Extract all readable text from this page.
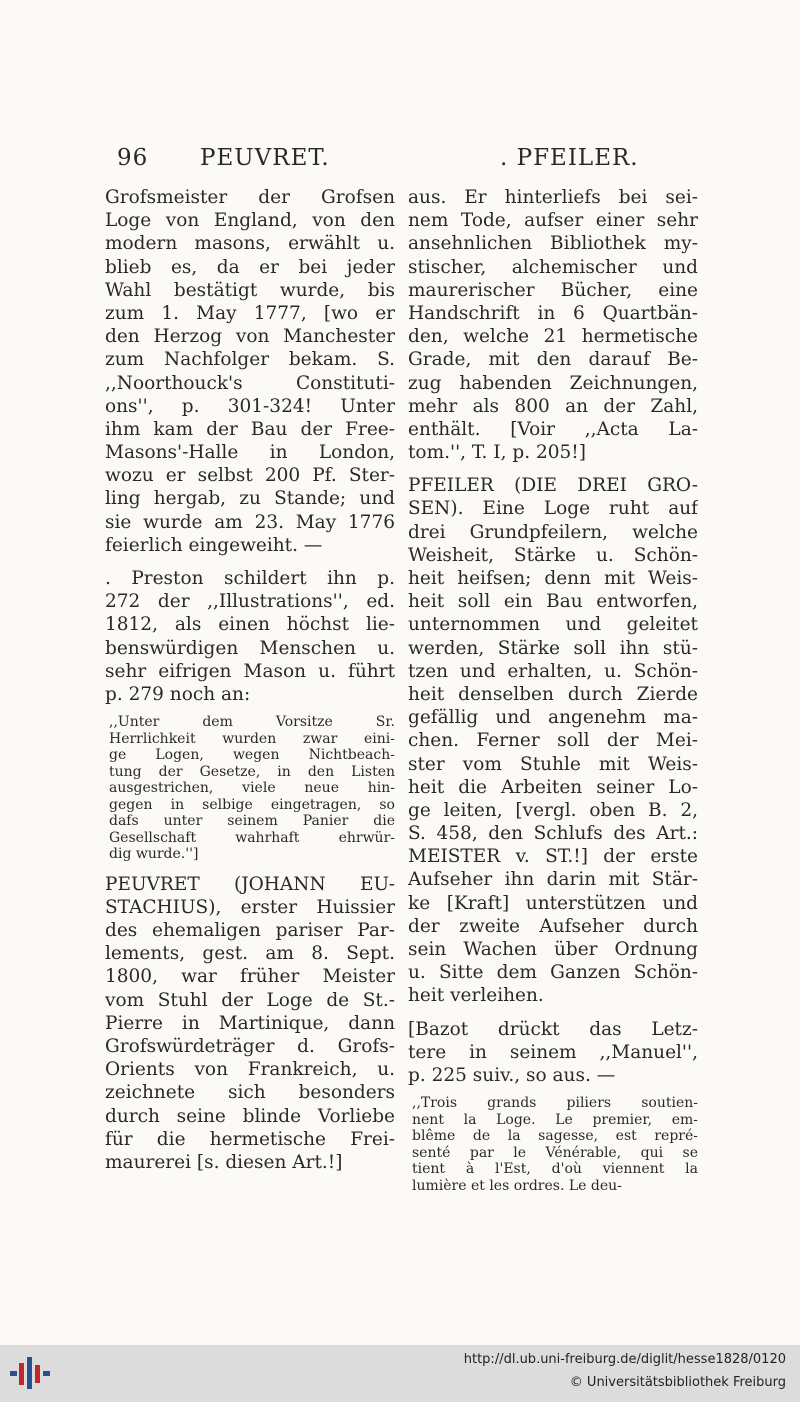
96 PEUVRET.	. PFEILER.
Grofsmeister der Grofsen
Loge von England, von den
modern masons, erwählt u.
blieb es, da er bei jeder
Wahl bestätigt wurde, bis
zum 1. May 1777, [wo er
den Herzog von Manchester
zum Nachfolger bekam. S.
,,Noorthouck's Constituti-
ons'', p. 301-324! Unter
ihm kam der Bau der Free-
Masons'-Halle in London,
wozu er selbst 200 Pf. Ster-
ling hergab, zu Stande; und
sie wurde am 23. May 1776
feierlich eingeweiht. —
. Preston schildert ihn p.
272 der ,,Illustrations'', ed.
1812, als einen höchst lie-
benswürdigen Menschen u.
sehr eifrigen Mason u. führt
p. 279 noch an:
,,Unter dem Vorsitze Sr.
Herrlichkeit wurden zwar eini-
ge Logen, wegen Nichtbeach-
tung der Gesetze, in den Listen
ausgestrichen, viele neue hin-
gegen in selbige eingetragen, so
dafs unter seinem Panier die
Gesellschaft wahrhaft ehrwür-
dig wurde.'']
PEUVRET (JOHANN EU-
STACHIUS), erster Huissier
des ehemaligen pariser Par-
lements, gest. am 8. Sept.
1800, war früher Meister
vom Stuhl der Loge de St.-
Pierre in Martinique, dann
Grofswürdeträger d. Grofs-
Orients von Frankreich, u.
zeichnete sich besonders
durch seine blinde Vorliebe
für die hermetische Frei-
maurerei [s. diesen Art.!]
aus. Er hinterliefs bei sei-
nem Tode, aufser einer sehr
ansehnlichen Bibliothek my-
stischer, alchemischer und
maurerischer Bücher, eine
Handschrift in 6 Quartbän-
den, welche 21 hermetische
Grade, mit den darauf Be-
zug habenden Zeichnungen,
mehr als 800 an der Zahl,
enthält. [Voir ,,Acta La-
tom.'', T. I, p. 205!]
PFEILER (DIE DREI GRO-
SEN). Eine Loge ruht auf
drei Grundpfeilern, welche
Weisheit, Stärke u. Schön-
heit heifsen; denn mit Weis-
heit soll ein Bau entworfen,
unternommen und geleitet
werden, Stärke soll ihn stü-
tzen und erhalten, u. Schön-
heit denselben durch Zierde
gefällig und angenehm ma-
chen. Ferner soll der Mei-
ster vom Stuhle mit Weis-
heit die Arbeiten seiner Lo-
ge leiten, [vergl. oben B. 2,
S. 458, den Schlufs des Art.:
MEISTER v. ST.!] der erste
Aufseher ihn darin mit Stär-
ke [Kraft] unterstützen und
der zweite Aufseher durch
sein Wachen über Ordnung
u. Sitte dem Ganzen Schön-
heit verleihen.
[Bazot drückt das Letz-
tere in seinem ,,Manuel'',
p. 225 suiv., so aus. —
,,Trois grands piliers soutien-
nent la Loge. Le premier, em-
blême de la sagesse, est repré-
senté par le Vénérable, qui se
tient à l'Est, d'où viennent la
lumière et les ordres. Le deu-
http://dl.ub.uni-freiburg.de/diglit/hesse1828/0120
© Universitätsbibliothek Freiburg
